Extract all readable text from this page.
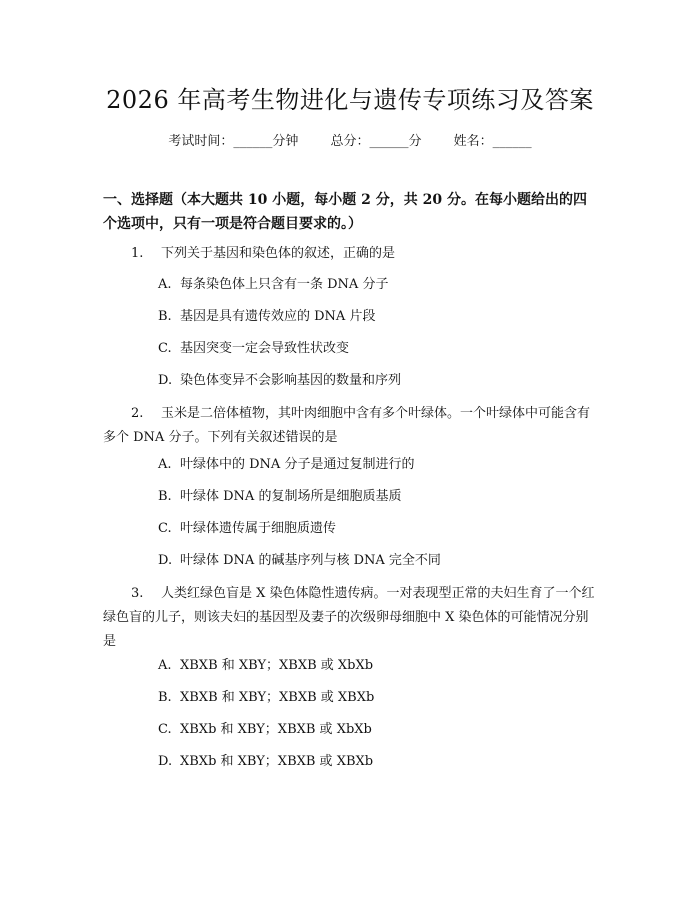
2026 年高考生物进化与遗传专项练习及答案
考试时间：______分钟 总分：______分 姓名：______
一、选择题（本大题共 10 小题，每小题 2 分，共 20 分。在每小题给出的四个选项中，只有一项是符合题目要求的。）
1. 下列关于基因和染色体的叙述，正确的是
A. 每条染色体上只含有一条 DNA 分子
B. 基因是具有遗传效应的 DNA 片段
C. 基因突变一定会导致性状改变
D. 染色体变异不会影响基因的数量和序列
2. 玉米是二倍体植物，其叶肉细胞中含有多个叶绿体。一个叶绿体中可能含有多个 DNA 分子。下列有关叙述错误的是
A. 叶绿体中的 DNA 分子是通过复制进行的
B. 叶绿体 DNA 的复制场所是细胞质基质
C. 叶绿体遗传属于细胞质遗传
D. 叶绿体 DNA 的碱基序列与核 DNA 完全不同
3. 人类红绿色盲是 X 染色体隐性遗传病。一对表现型正常的夫妇生育了一个红绿色盲的儿子，则该夫妇的基因型及妻子的次级卵母细胞中 X 染色体的可能情况分别是
A. XBXB 和 XBY；XBXB 或 XbXb
B. XBXB 和 XBY；XBXB 或 XBXb
C. XBXb 和 XBY；XBXB 或 XbXb
D. XBXb 和 XBY；XBXB 或 XBXb
